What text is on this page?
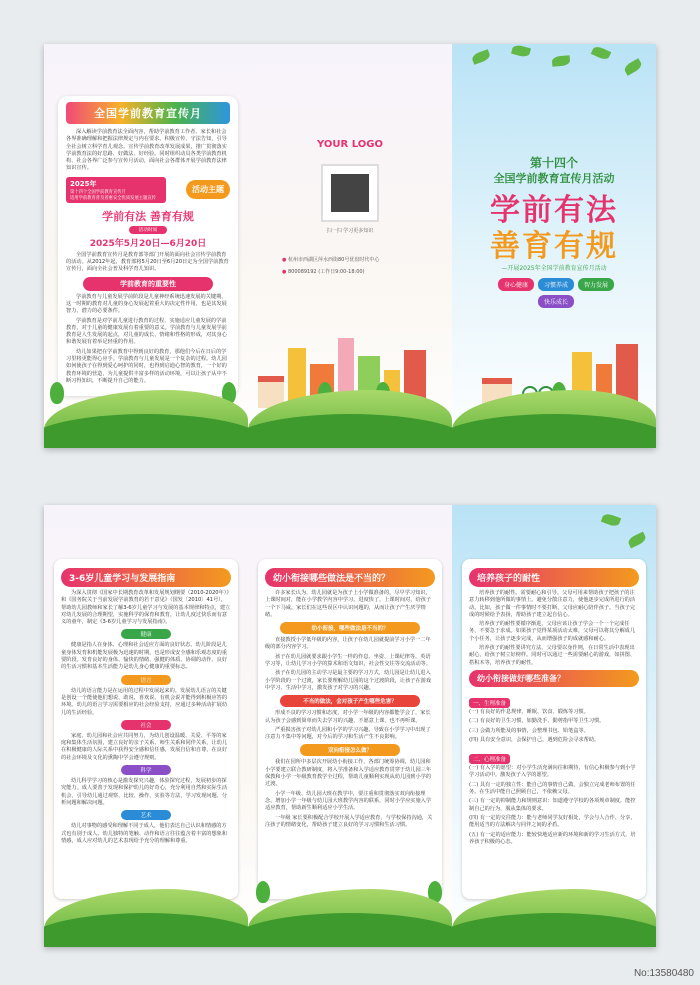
全国学前教育宣传月

深入解读学前教育法全面内容，帮助学前教育工作者、家长和社会各界准确理解和把握法律规定与内在要求。积极宣传、守法告知，引导全社会树立科学育儿观念。宣传学前教育改革发展成果，推广贯彻落实学前教育法的好思路、好做法、好经验。同时组织动员各类学前教育机构、社会各界广泛参与宣传月活动，面向社会各群体开展学前教育法律知识宣传。

2025年
第十四个全国学前教育宣传月
适用学前教育普及普惠安全优质发展主题宣传
活动主题
学前有法 善育有规
活动时间
2025年5月20日—6月20日

全国学前教育宣传月是教育部等部门开展的面向社会宣传学前教育的活动。从2012年起，教育部将5月20日至6月20日定为全国学前教育宣传月，面向全社会普及科学育儿知识。

学前教育的重要性

学前教育与儿童发展学前阶段是儿童神经系统迅速发展的关键期，这一时期的教育对儿童的身心发展起着重大的决定性作用，也是其发展智力、潜力的必要条件。

学前教育是对学前儿童进行教育的过程，实施适应儿童发展的学前教育，对于儿童的健康发展有着重要的意义。学前教育与儿童发展学前教育是人生发展的起点，对儿童的成长、情绪和性格的形成，对其身心和谐发展有着举足轻重的作用。

幼儿如果把在学前教育中得到良好的教育，那他们今后在日后的学习里将更能得心应手。学前教育与儿童发展是一个复杂的过程。幼儿园如何使孩子在得到爱心呵护的同时，也得到启迪心智的教育，一个好的教育环境的营造，为儿童提供丰富多样的活动环境，可以让孩子从中不断习得知识，不断提升自己的能力。

YOUR LOGO
扫一扫 学习更多知识
● 杭州市西湖区萍水西街80号优盘时代中心
● 800089192 (工作日9:00-18:00)
第十四个
全国学前教育宣传月活动
学前有法
善育有规
—开展2025年全国学前教育宣传月活动
身心健康	习惯养成	智力发展
快乐成长
3-6岁儿童学习与发展指南

为深入贯彻《国家中长期教育改革和发展规划纲要（2010-2020年）》和《国务院关于当前发展学前教育的若干意见》（国发〔2010〕41号），帮助幼儿园教师和家长了解3-6岁儿童学习与发展的基本规律和特点，建立对幼儿发展的合理期望，实施科学的保育和教育，让幼儿度过快乐而有意义的童年，制定《3-6岁儿童学习与发展指南》。

健康

健康是指人在身体、心理和社会适应方面的良好状态。幼儿阶段是儿童身体发育和机能发展极为迅速的时期，也是形成安全感和乐观态度的重要阶段。发育良好的身体、愉快的情绪、强健的体质、协调的动作、良好的生活习惯和基本生活能力是幼儿身心健康的重要标志。

语言

幼儿的语言能力是在运用的过程中发展起来的。发展幼儿语言的关键是创设一个能使他们想说、敢说、喜欢说、有机会说并能得到积极应答的环境。幼儿的语言学习需要相应的社会经验支持，应通过多种活动扩展幼儿的生活经验。

社会

家庭、幼儿园和社会应共同努力，为幼儿创设温暖、关爱、平等的家庭和集体生活氛围，建立良好的亲子关系、师生关系和同伴关系，让幼儿在积极健康的人际关系中获得安全感和信任感，发展自信和自尊，在良好的社会环境及文化的熏陶中学会遵守规则。

科学

幼儿科学学习的核心是激发探究兴趣，体验探究过程，发展初步的探究能力。成人要善于发现和保护幼儿的好奇心，充分利用自然和实际生活机会，引导幼儿通过观察、比较、操作、实验等方法，学习发现问题、分析问题和解决问题。

艺术

幼儿对事物的感受和理解不同于成人，他们表达自己认识和情感的方式也有别于成人。幼儿独特的笔触、动作和语言往往蕴含着丰富的想象和情感，成人应对幼儿的艺术表现给予充分的理解和尊重。

幼小衔接哪些做法是不当的？

许多家长认为，幼儿园就是为孩子上小学做准备的，尽早学习知识，上课时间对，能在小学教学内容中学习。进度快了，上课时间对，给孩子一个下马威。家长们在这些误区中认识问题的，从而让孩子产生厌学情绪。

幼小衔接，哪些做法是不当的？

直接教授小学低年级的内容，让孩子在幼儿园就提前学习小学一二年级的部分内容学习。

孩子在幼儿园就要求跟小学生一样的作息、坐姿、上课纪律等。英语学习等，让幼儿学习小学的算术和语文知识，社会性交往等交流活动等。

孩子在幼儿园的主动学习是最主要的学习方式，幼儿园是让幼儿进入小学阶段的一个过渡，家长要理解幼儿园的这个过渡阶段，让孩子在游戏中学习、生活中学习，激发孩子对学习的兴趣。

不当的做法，会对孩子产生哪些危害？

形成不良的学习习惯和态度，对小学一年级的内容都能学会了，家长认为孩子会感到简单而失去学习的兴趣，不愿意上课，也不再听课。

严重损害孩子对幼儿园和小学的学习兴趣，导致在小学学习中出现了注意力不集中等问题，对今后的学习和生活产生不良影响。

双向衔接怎么做？

我们在园所中多层次开展幼小衔接工作，各部门统筹协调，幼儿园和小学要建立联合教研制度，将入学准备和入学适应教育贯穿于幼儿园三年保教和小学一年级教育教学全过程，帮助儿童顺利实现从幼儿园到小学的过渡。

小学一年级、幼儿园大班在教学中，要注重和贯彻落实双向衔接理念，增加小学一年级与幼儿园大班教学内容的联系，同时小学应实施入学适应教育，帮助新生顺利适应小学生活。

一年级 家长要积极配合学校开展入学适应教育，与学校保持沟通，关注孩子的情绪变化，帮助孩子建立良好的学习习惯和生活习惯。

培养孩子的耐性

培养孩子的耐性。需要耐心和引导。父母可用来帮助孩子把孩子的注意力转移到他所做的事情上。避免分散注意力，使他逐步完成所进行的活动。比如，孩子做一件事情时不要打断，父母应耐心陪伴孩子。当孩子完成的时候给予表扬，帮助孩子建立起自信心。

培养孩子的耐性要循序渐进，父母应该让孩子学会一个一个完成任务，不要急于求成。如果孩子觉得某项活动太难，父母可以将其分解成几个小任务，让孩子逐步完成，从而增强孩子的成就感和耐心。

培养孩子的耐性要讲究方法，父母要以身作则，在日常生活中表现出耐心，给孩子树立好榜样。同时可以通过一些需要耐心的游戏，如拼图、搭积木等，培养孩子的耐性。

幼小衔接做好哪些准备？
一、生理准备

(一) 有良好的作息规律，睡眠、饮食、锻炼等习惯。

(二) 有良好的卫生习惯，如勤洗手、勤剪指甲等卫生习惯。

(三) 会做力所能及的事情，会整理书包、铅笔盒等。

(四) 具有安全意识，会保护自己，遇到危险会寻求帮助。

二、心理准备

(一) 有入学的愿望：对小学生活充满向往和期待，有信心积极参与到小学学习活动中。激发孩子入学的愿望。

(二) 具有一定的独立性：能自己的事情自己做，会独立完成老师布置的任务。在生活中能自己照顾自己，不依赖父母。

(三) 有一定的抑制能力和规则意识：知道遵守学校的各项规章制度，能控制自己的行为，服从集体的要求。

(四) 有一定的交往能力：能与老师同学友好相处，学会与人合作、分享，能用适当的方法解决与同伴之间的矛盾。

(五) 有一定的适应能力：能较快地适应新的环境和新的学习生活方式，培养孩子积极的心态。

No:13580480
